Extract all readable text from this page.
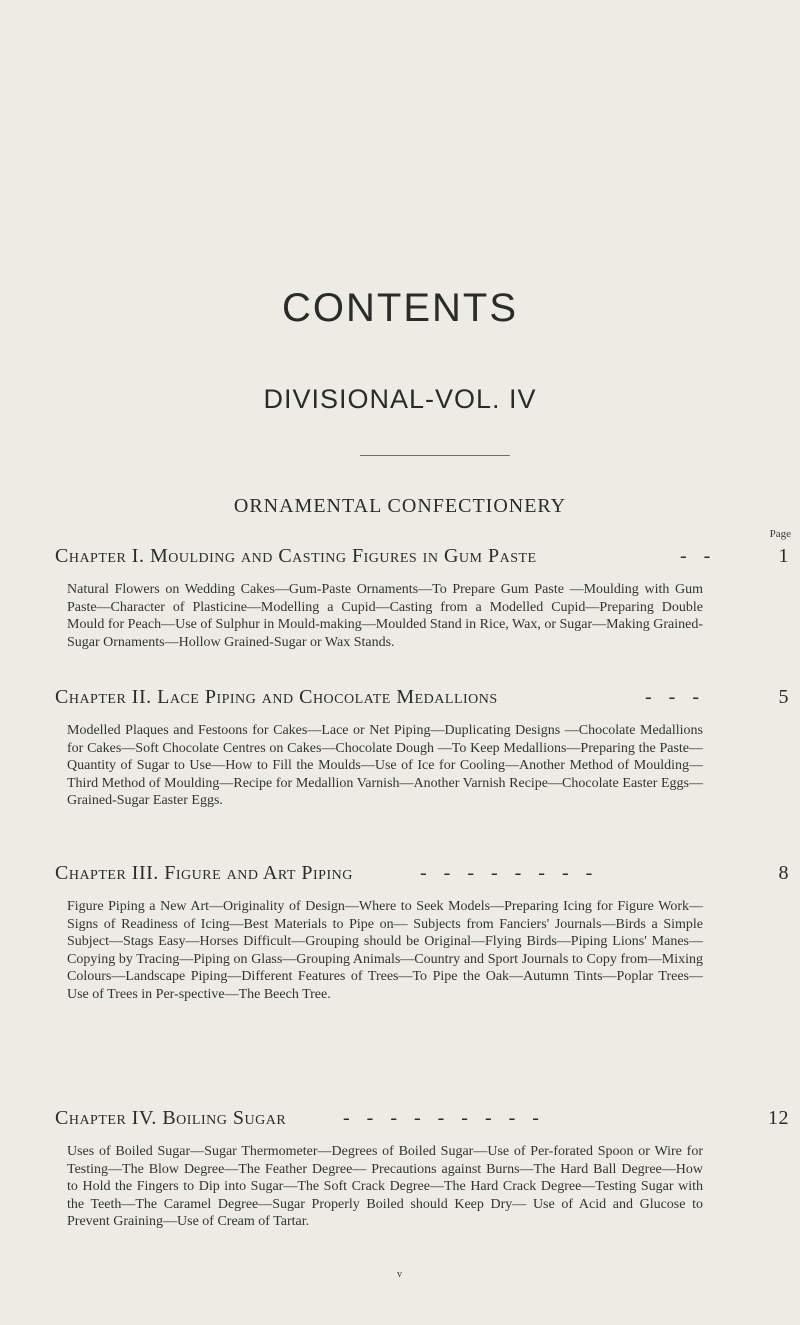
CONTENTS
DIVISIONAL-VOL. IV
ORNAMENTAL CONFECTIONERY
Page
Chapter I. Moulding and Casting Figures in Gum Paste	- -	1
Natural Flowers on Wedding Cakes—Gum-Paste Ornaments—To Prepare Gum Paste —Moulding with Gum Paste—Character of Plasticine—Modelling a Cupid—Casting from a Modelled Cupid—Preparing Double Mould for Peach—Use of Sulphur in Mould-making—Moulded Stand in Rice, Wax, or Sugar—Making Grained-Sugar Ornaments—Hollow Grained-Sugar or Wax Stands.
Chapter II. Lace Piping and Chocolate Medallions	- - -	5
Modelled Plaques and Festoons for Cakes—Lace or Net Piping—Duplicating Designs —Chocolate Medallions for Cakes—Soft Chocolate Centres on Cakes—Chocolate Dough —To Keep Medallions—Preparing the Paste—Quantity of Sugar to Use—How to Fill the Moulds—Use of Ice for Cooling—Another Method of Moulding—Third Method of Moulding—Recipe for Medallion Varnish—Another Varnish Recipe—Chocolate Easter Eggs—Grained-Sugar Easter Eggs.
Chapter III. Figure and Art Piping	- - - - - - - -	8
Figure Piping a New Art—Originality of Design—Where to Seek Models—Preparing Icing for Figure Work—Signs of Readiness of Icing—Best Materials to Pipe on— Subjects from Fanciers' Journals—Birds a Simple Subject—Stags Easy—Horses Difficult—Grouping should be Original—Flying Birds—Piping Lions' Manes— Copying by Tracing—Piping on Glass—Grouping Animals—Country and Sport Journals to Copy from—Mixing Colours—Landscape Piping—Different Features of Trees—To Pipe the Oak—Autumn Tints—Poplar Trees—Use of Trees in Per-spective—The Beech Tree.
Chapter IV. Boiling Sugar	- - - - - - - - -	12
Uses of Boiled Sugar—Sugar Thermometer—Degrees of Boiled Sugar—Use of Per-forated Spoon or Wire for Testing—The Blow Degree—The Feather Degree— Precautions against Burns—The Hard Ball Degree—How to Hold the Fingers to Dip into Sugar—The Soft Crack Degree—The Hard Crack Degree—Testing Sugar with the Teeth—The Caramel Degree—Sugar Properly Boiled should Keep Dry— Use of Acid and Glucose to Prevent Graining—Use of Cream of Tartar.
v
